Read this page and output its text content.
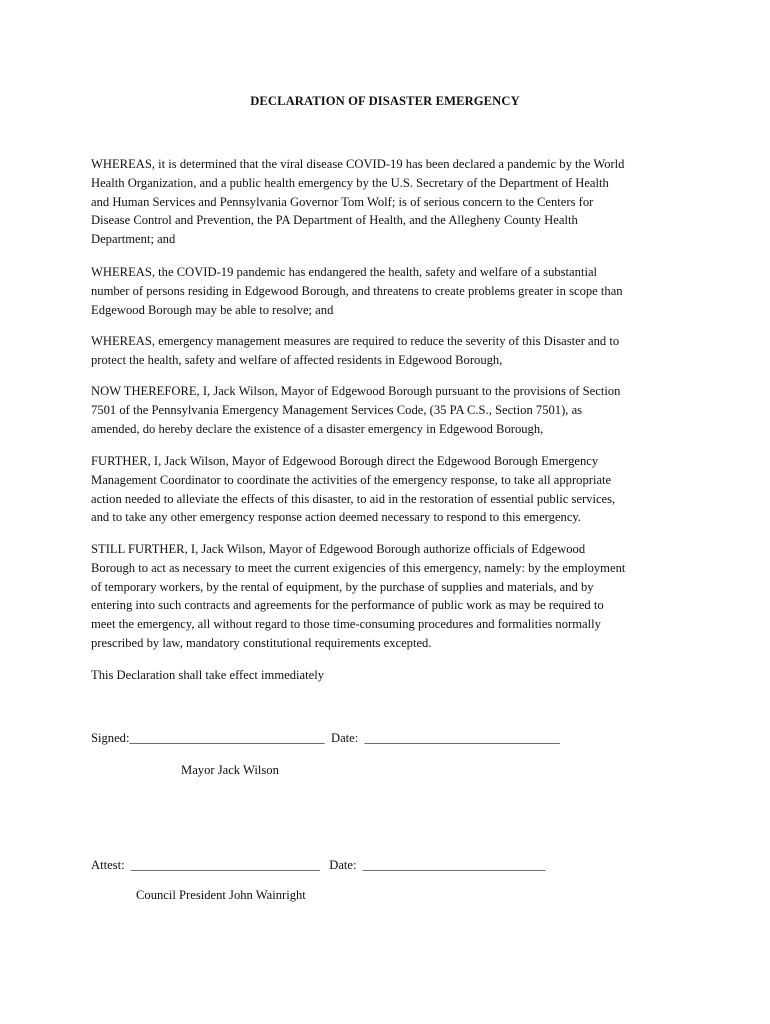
DECLARATION OF DISASTER EMERGENCY

WHEREAS, it is determined that the viral disease COVID-19 has been declared a pandemic by the World
Health Organization, and a public health emergency by the U.S. Secretary of the Department of Health
and Human Services and Pennsylvania Governor Tom Wolf; is of serious concern to the Centers for
Disease Control and Prevention, the PA Department of Health, and the Allegheny County Health
Department; and

WHEREAS, the COVID-19 pandemic has endangered the health, safety and welfare of a substantial
number of persons residing in Edgewood Borough, and threatens to create problems greater in scope than
Edgewood Borough may be able to resolve; and

WHEREAS, emergency management measures are required to reduce the severity of this Disaster and to
protect the health, safety and welfare of affected residents in Edgewood Borough,

NOW THEREFORE, I, Jack Wilson, Mayor of Edgewood Borough pursuant to the provisions of Section
7501 of the Pennsylvania Emergency Management Services Code, (35 PA C.S., Section 7501), as
amended, do hereby declare the existence of a disaster emergency in Edgewood Borough,

FURTHER, I, Jack Wilson, Mayor of Edgewood Borough direct the Edgewood Borough Emergency
Management Coordinator to coordinate the activities of the emergency response, to take all appropriate
action needed to alleviate the effects of this disaster, to aid in the restoration of essential public services,
and to take any other emergency response action deemed necessary to respond to this emergency.

STILL FURTHER, I, Jack Wilson, Mayor of Edgewood Borough authorize officials of Edgewood
Borough to act as necessary to meet the current exigencies of this emergency, namely: by the employment
of temporary workers, by the rental of equipment, by the purchase of supplies and materials, and by
entering into such contracts and agreements for the performance of public work as may be required to
meet the emergency, all without regard to those time-consuming procedures and formalities normally
prescribed by law, mandatory constitutional requirements excepted.

This Declaration shall take effect immediately

Signed:_______________________________  Date:  _______________________________
Mayor Jack Wilson
Attest:  ______________________________   Date:  _____________________________
Council President John Wainright
